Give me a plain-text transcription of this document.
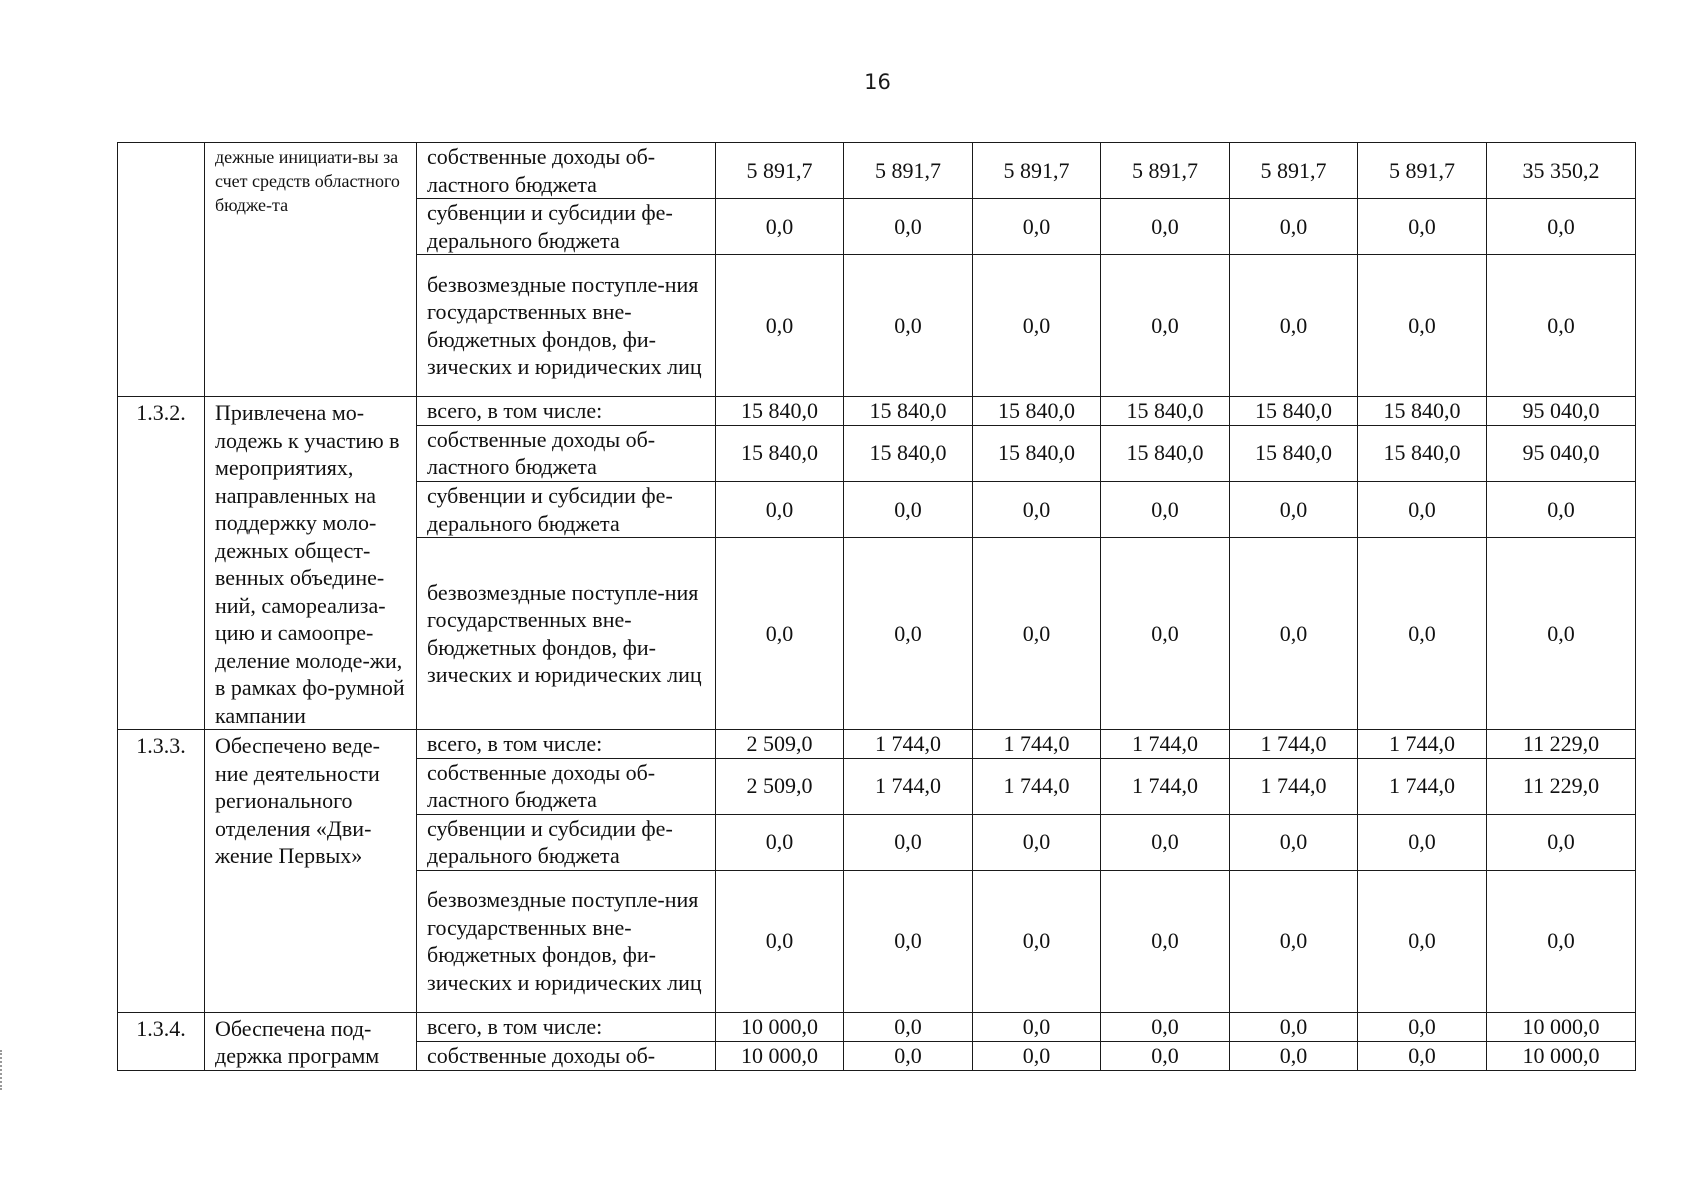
16
	дежные инициати-вы за счет средств областного бюдже-та	собственные доходы об-ластного бюджета	5 891,7	5 891,7	5 891,7	5 891,7	5 891,7	5 891,7	35 350,2
		субвенции и субсидии фе-дерального бюджета	0,0	0,0	0,0	0,0	0,0	0,0	0,0
		безвозмездные поступле-ния государственных вне-бюджетных фондов, фи-зических и юридических лиц	0,0	0,0	0,0	0,0	0,0	0,0	0,0
1.3.2.	Привлечена мо-лодежь к участию в мероприятиях, направленных на поддержку моло-дежных общест-венных объедине-ний, самореализа-цию и самоопре-деление молоде-жи, в рамках фо-румной кампании	всего, в том числе:	15 840,0	15 840,0	15 840,0	15 840,0	15 840,0	15 840,0	95 040,0
		собственные доходы об-ластного бюджета	15 840,0	15 840,0	15 840,0	15 840,0	15 840,0	15 840,0	95 040,0
		субвенции и субсидии фе-дерального бюджета	0,0	0,0	0,0	0,0	0,0	0,0	0,0
		безвозмездные поступле-ния государственных вне-бюджетных фондов, фи-зических и юридических лиц	0,0	0,0	0,0	0,0	0,0	0,0	0,0
1.3.3.	Обеспечено веде-ние деятельности регионального отделения «Дви-жение Первых»	всего, в том числе:	2 509,0	1 744,0	1 744,0	1 744,0	1 744,0	1 744,0	11 229,0
		собственные доходы об-ластного бюджета	2 509,0	1 744,0	1 744,0	1 744,0	1 744,0	1 744,0	11 229,0
		субвенции и субсидии фе-дерального бюджета	0,0	0,0	0,0	0,0	0,0	0,0	0,0
		безвозмездные поступле-ния государственных вне-бюджетных фондов, фи-зических и юридических лиц	0,0	0,0	0,0	0,0	0,0	0,0	0,0
1.3.4.	Обеспечена под-держка программ	всего, в том числе:	10 000,0	0,0	0,0	0,0	0,0	0,0	10 000,0
		собственные доходы об-	10 000,0	0,0	0,0	0,0	0,0	0,0	10 000,0
